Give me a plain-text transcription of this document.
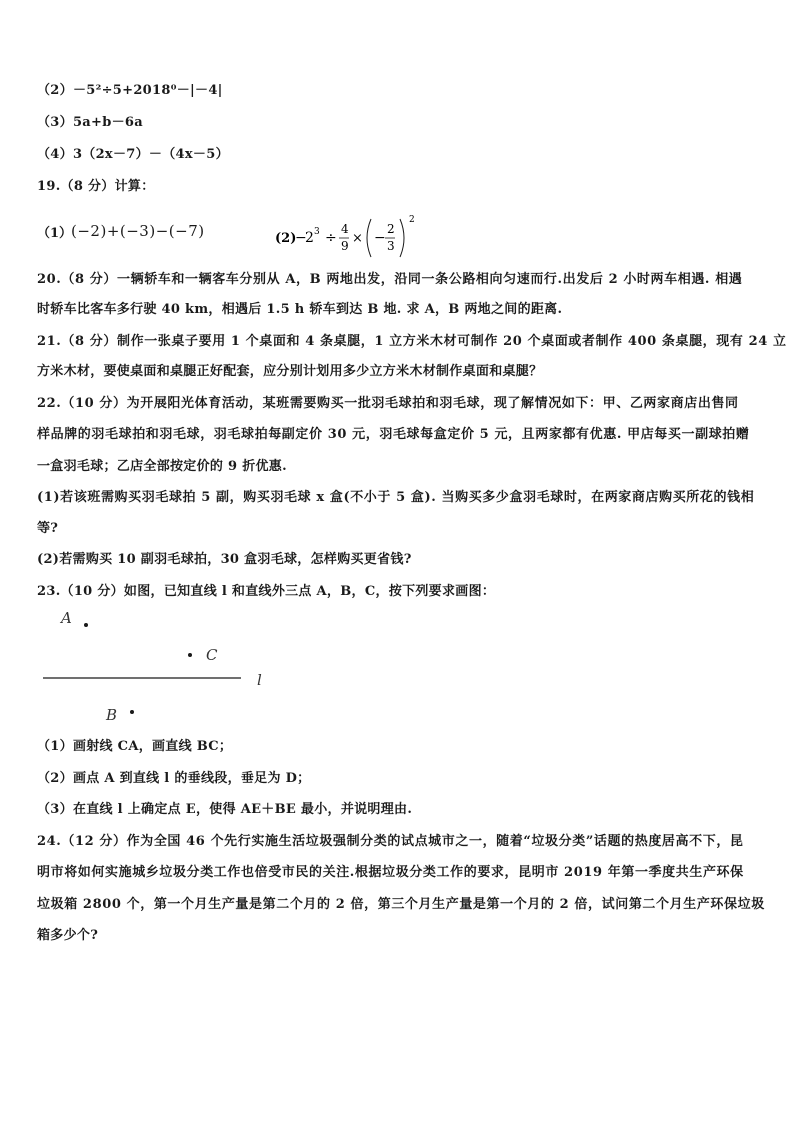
（2）－5²÷5+2018⁰－|－4|
（3）5a+b－6a
（4）3（2x－7）－（4x－5）
19.（8 分）计算：
（1）
(−2)+(−3)−(−7)	(2)
−
2 3 ÷
4
9 × −
2
3
2
20.（8 分）一辆轿车和一辆客车分别从 A，B 两地出发，沿同一条公路相向匀速而行.出发后 2 小时两车相遇. 相遇
时轿车比客车多行驶 40 km，相遇后 1.5 h 轿车到达 B 地. 求 A，B 两地之间的距离.
21.（8 分）制作一张桌子要用 1 个桌面和 4 条桌腿，1 立方米木材可制作 20 个桌面或者制作 400 条桌腿，现有 24 立
方米木材，要使桌面和桌腿正好配套，应分别计划用多少立方米木材制作桌面和桌腿？
22.（10 分）为开展阳光体育活动，某班需要购买一批羽毛球拍和羽毛球，现了解情况如下：甲、乙两家商店出售同
样品牌的羽毛球拍和羽毛球，羽毛球拍每副定价 30 元，羽毛球每盒定价 5 元，且两家都有优惠. 甲店每买一副球拍赠
一盒羽毛球；乙店全部按定价的 9 折优惠.
(1)若该班需购买羽毛球拍 5 副，购买羽毛球 x 盒(不小于 5 盒). 当购买多少盒羽毛球时，在两家商店购买所花的钱相
等?
(2)若需购买 10 副羽毛球拍，30 盒羽毛球，怎样购买更省钱?
23.（10 分）如图，已知直线 l 和直线外三点 A，B，C，按下列要求画图：
A
C
l
B
（1）画射线 CA，画直线 BC；
（2）画点 A 到直线 l 的垂线段，垂足为 D；
（3）在直线 l 上确定点 E，使得 AE＋BE 最小，并说明理由.
24.（12 分）作为全国 46 个先行实施生活垃圾强制分类的试点城市之一，随着“垃圾分类”话题的热度居高不下，昆
明市将如何实施城乡垃圾分类工作也倍受市民的关注.根据垃圾分类工作的要求，昆明市 2019 年第一季度共生产环保
垃圾箱 2800 个，第一个月生产量是第二个月的 2 倍，第三个月生产量是第一个月的 2 倍，试问第二个月生产环保垃圾
箱多少个?
